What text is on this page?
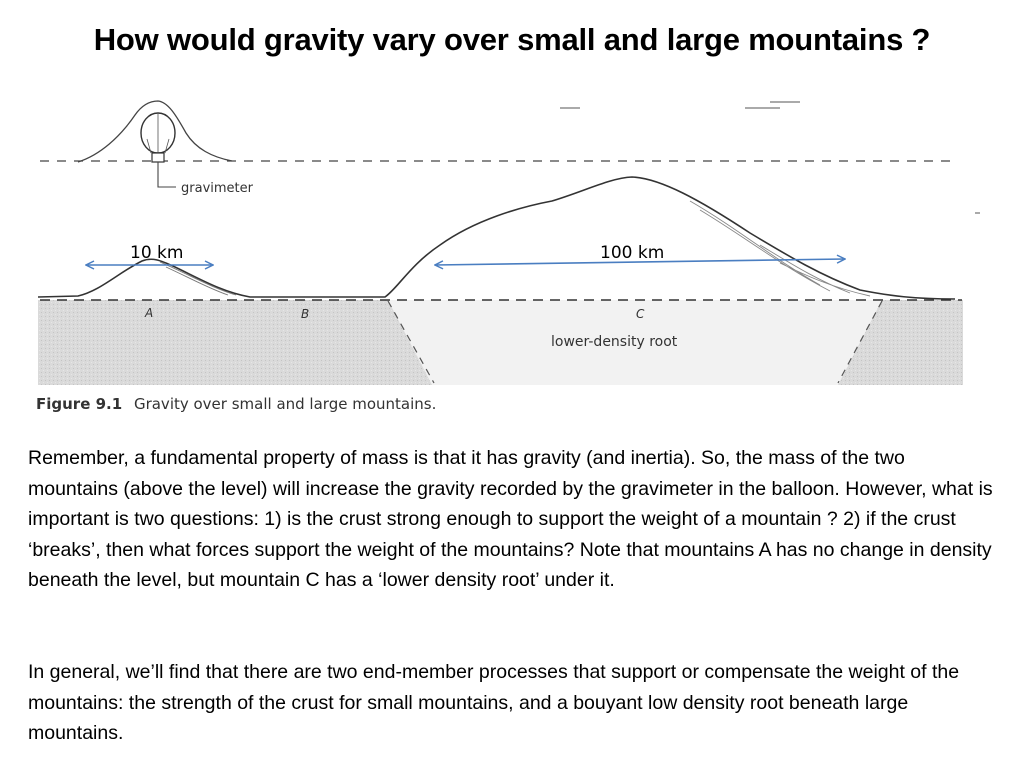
How would gravity vary over small and large mountains ?
gravimeter
10 km	100 km
A	B	C
lower-density root
Figure 9.1 Gravity over small and large mountains.

Remember, a fundamental property of mass is that it has gravity (and inertia). So, the mass of the two mountains (above the level) will increase the gravity recorded by the gravimeter in the balloon. However, what is important is two questions: 1) is the crust strong enough to support the weight of a mountain ? 2) if the crust ‘breaks’, then what forces support the weight of the mountains? Note that mountains A has no change in density beneath the level, but mountain C has a ‘lower density root’ under it.

In general, we’ll find that there are two end-member processes that support or compensate the weight of the mountains: the strength of the crust for small mountains, and a bouyant low density root beneath large mountains.
